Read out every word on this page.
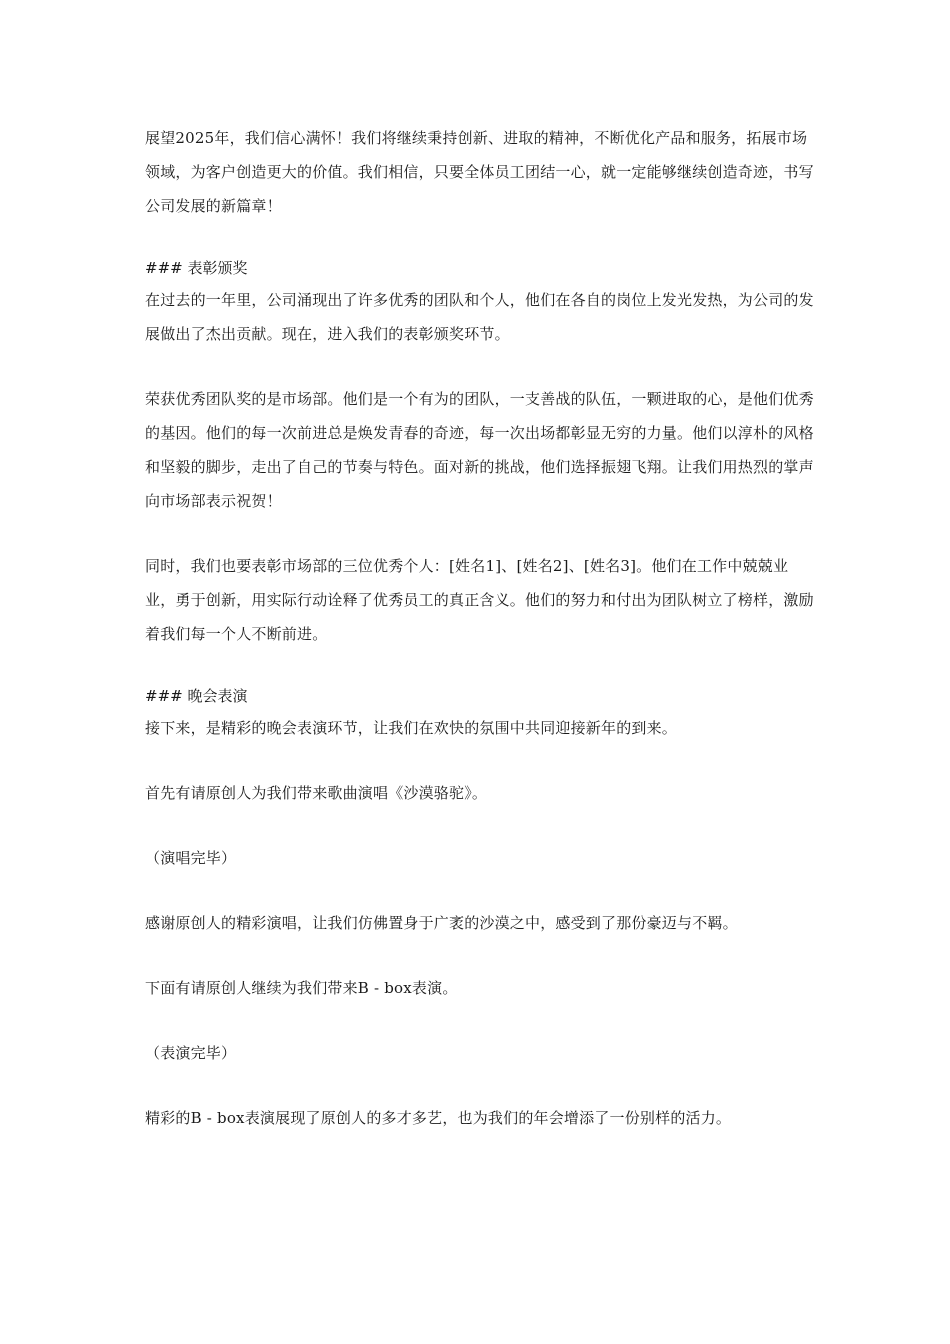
展望2025年，我们信心满怀！我们将继续秉持创新、进取的精神，不断优化产品和服务，拓展市场领域，为客户创造更大的价值。我们相信，只要全体员工团结一心，就一定能够继续创造奇迹，书写公司发展的新篇章！

### 表彰颁奖

在过去的一年里，公司涌现出了许多优秀的团队和个人，他们在各自的岗位上发光发热，为公司的发展做出了杰出贡献。现在，进入我们的表彰颁奖环节。

荣获优秀团队奖的是市场部。他们是一个有为的团队，一支善战的队伍，一颗进取的心，是他们优秀的基因。他们的每一次前进总是焕发青春的奇迹，每一次出场都彰显无穷的力量。他们以淳朴的风格和坚毅的脚步，走出了自己的节奏与特色。面对新的挑战，他们选择振翅飞翔。让我们用热烈的掌声向市场部表示祝贺！

同时，我们也要表彰市场部的三位优秀个人：[姓名1]、[姓名2]、[姓名3]。他们在工作中兢兢业业，勇于创新，用实际行动诠释了优秀员工的真正含义。他们的努力和付出为团队树立了榜样，激励着我们每一个人不断前进。

### 晚会表演

接下来，是精彩的晚会表演环节，让我们在欢快的氛围中共同迎接新年的到来。

首先有请原创人为我们带来歌曲演唱《沙漠骆驼》。

（演唱完毕）

感谢原创人的精彩演唱，让我们仿佛置身于广袤的沙漠之中，感受到了那份豪迈与不羁。

下面有请原创人继续为我们带来B - box表演。

（表演完毕）

精彩的B - box表演展现了原创人的多才多艺，也为我们的年会增添了一份别样的活力。
